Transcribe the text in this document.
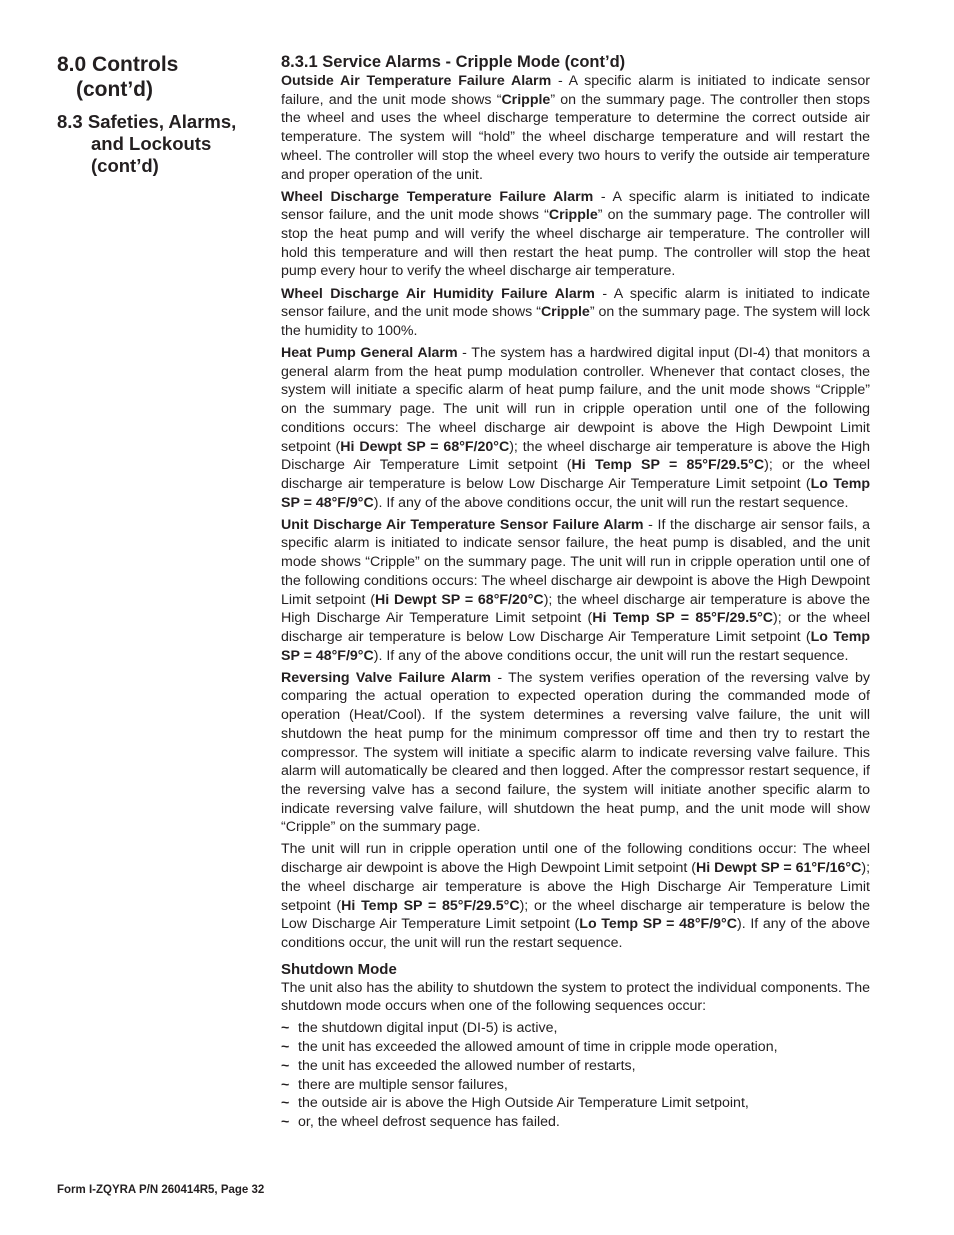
8.0 Controls
(cont’d)
8.3 Safeties, Alarms,
and Lockouts
(cont’d)
8.3.1 Service Alarms - Cripple Mode (cont’d)

Outside Air Temperature Failure Alarm - A specific alarm is initiated to indicate sensor failure, and the unit mode shows “Cripple” on the summary page. The controller then stops the wheel and uses the wheel discharge temperature to determine the correct outside air temperature. The system will “hold” the wheel discharge temperature and will restart the wheel. The controller will stop the wheel every two hours to verify the outside air temperature and proper operation of the unit.

Wheel Discharge Temperature Failure Alarm - A specific alarm is initiated to indicate sensor failure, and the unit mode shows “Cripple” on the summary page. The controller will stop the heat pump and will verify the wheel discharge air temperature. The controller will hold this temperature and will then restart the heat pump. The controller will stop the heat pump every hour to verify the wheel discharge air temperature.

Wheel Discharge Air Humidity Failure Alarm - A specific alarm is initiated to indicate sensor failure, and the unit mode shows “Cripple” on the summary page. The system will lock the humidity to 100%.

Heat Pump General Alarm - The system has a hardwired digital input (DI-4) that monitors a general alarm from the heat pump modulation controller. Whenever that contact closes, the system will initiate a specific alarm of heat pump failure, and the unit mode shows “Cripple” on the summary page. The unit will run in cripple operation until one of the following conditions occurs: The wheel discharge air dewpoint is above the High Dewpoint Limit setpoint (Hi Dewpt SP = 68°F/20°C); the wheel discharge air temperature is above the High Discharge Air Temperature Limit setpoint (Hi Temp SP = 85°F/29.5°C); or the wheel discharge air temperature is below Low Discharge Air Temperature Limit setpoint (Lo Temp SP = 48°F/9°C). If any of the above conditions occur, the unit will run the restart sequence.

Unit Discharge Air Temperature Sensor Failure Alarm - If the discharge air sensor fails, a specific alarm is initiated to indicate sensor failure, the heat pump is disabled, and the unit mode shows “Cripple” on the summary page. The unit will run in cripple operation until one of the following conditions occurs: The wheel discharge air dewpoint is above the High Dewpoint Limit setpoint (Hi Dewpt SP = 68°F/20°C); the wheel discharge air temperature is above the High Discharge Air Temperature Limit setpoint (Hi Temp SP = 85°F/29.5°C); or the wheel discharge air temperature is below Low Discharge Air Temperature Limit setpoint (Lo Temp SP = 48°F/9°C). If any of the above conditions occur, the unit will run the restart sequence.

Reversing Valve Failure Alarm - The system verifies operation of the reversing valve by comparing the actual operation to expected operation during the commanded mode of operation (Heat/Cool). If the system determines a reversing valve failure, the unit will shutdown the heat pump for the minimum compressor off time and then try to restart the compressor. The system will initiate a specific alarm to indicate reversing valve failure. This alarm will automatically be cleared and then logged. After the compressor restart sequence, if the reversing valve has a second failure, the system will initiate another specific alarm to indicate reversing valve failure, will shutdown the heat pump, and the unit mode will show “Cripple” on the summary page.

The unit will run in cripple operation until one of the following conditions occur: The wheel discharge air dewpoint is above the High Dewpoint Limit setpoint (Hi Dewpt SP = 61°F/16°C); the wheel discharge air temperature is above the High Discharge Air Temperature Limit setpoint (Hi Temp SP = 85°F/29.5°C); or the wheel discharge air temperature is below the Low Discharge Air Temperature Limit setpoint (Lo Temp SP = 48°F/9°C). If any of the above conditions occur, the unit will run the restart sequence.

Shutdown Mode

The unit also has the ability to shutdown the system to protect the individual components. The shutdown mode occurs when one of the following sequences occur:

~ the shutdown digital input (DI-5) is active,
~ the unit has exceeded the allowed amount of time in cripple mode operation,
~ the unit has exceeded the allowed number of restarts,
~ there are multiple sensor failures,
~ the outside air is above the High Outside Air Temperature Limit setpoint,
~ or, the wheel defrost sequence has failed.
Form I-ZQYRA P/N 260414R5, Page 32
